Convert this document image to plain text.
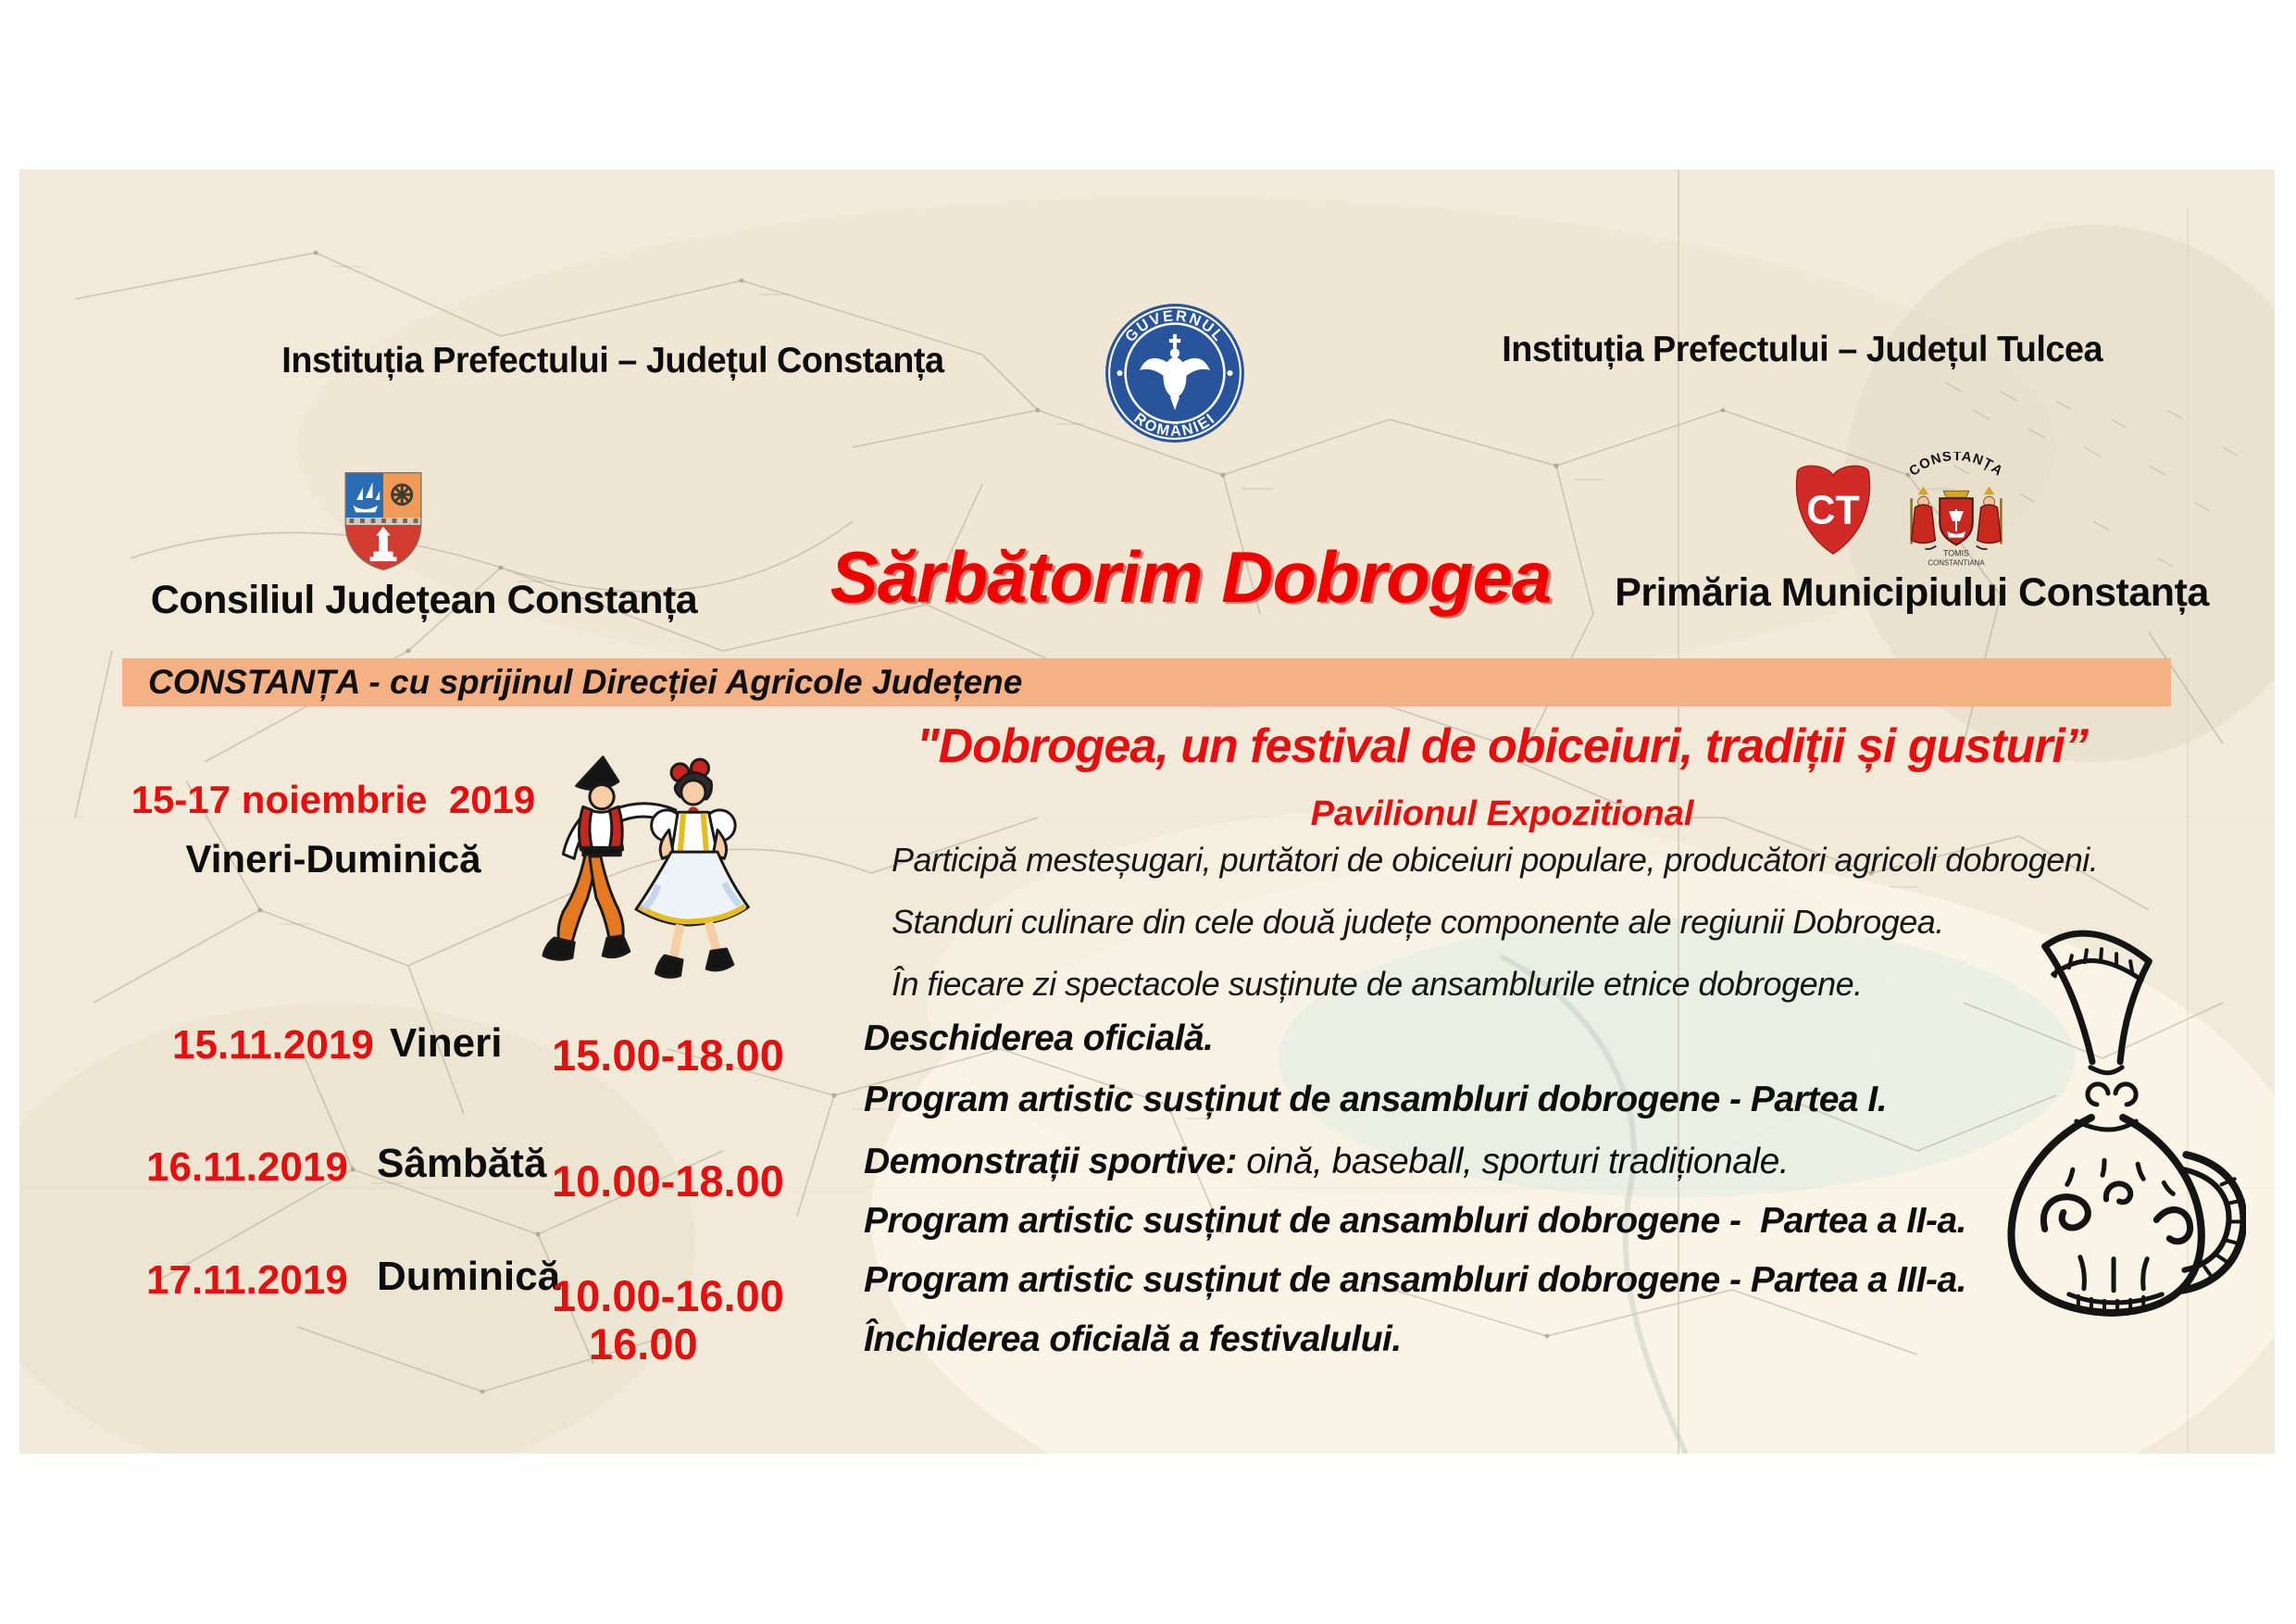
Instituția Prefectului – Județul Constanța
GUVERNUL
ROMÂNIEI
Instituția Prefectului – Județul Tulcea
Consiliul Județean Constanța	Sărbătorim Dobrogea
CT
CONSTANȚA
TOMIS
CONSTANTIANA
Primăria Municipiului Constanța
CONSTANȚA - cu sprijinul Direcției Agricole Județene
"Dobrogea, un festival de obiceiuri, tradiții și gusturi”
Pavilionul Expozitional
15-17 noiembrie  2019
Vineri-Duminică	Participă mesteșugari, purtători de obiceiuri populare, producători agricoli dobrogeni.
Standuri culinare din cele două județe componente ale regiunii Dobrogea.
În fiecare zi spectacole susținute de ansamblurile etnice dobrogene.
15.11.2019 Vineri 15.00-18.00
16.11.2019 Sâmbătă 10.00-18.00
17.11.2019 Duminică
10.00-16.00
16.00
Deschiderea oficială.
Program artistic susținut de ansambluri dobrogene - Partea I.
Demonstrații sportive: oină, baseball, sporturi tradiționale.
Program artistic susținut de ansambluri dobrogene -  Partea a II-a.
Program artistic susținut de ansambluri dobrogene - Partea a III-a.
Închiderea oficială a festivalului.
